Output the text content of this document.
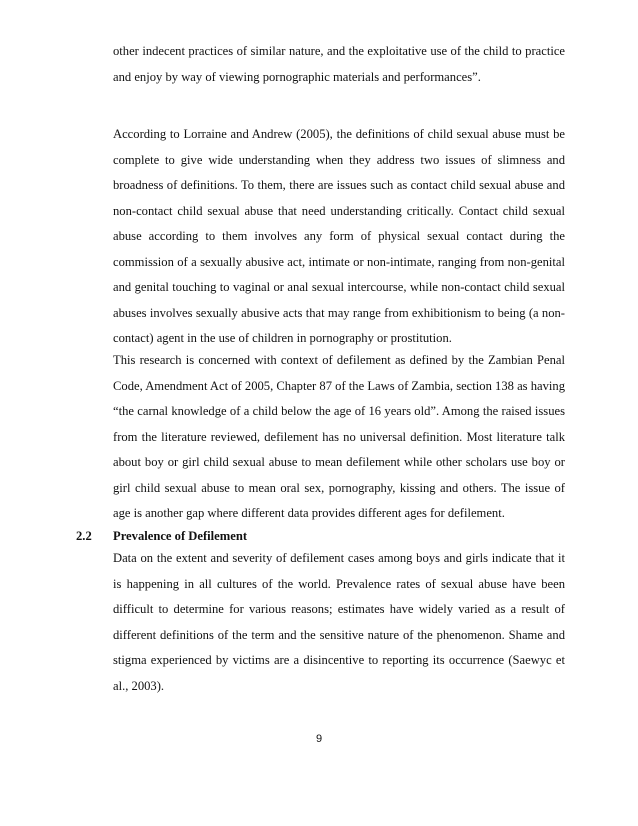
other indecent practices of similar nature, and the exploitative use of the child to practice and enjoy by way of viewing pornographic materials and performances”.

According to Lorraine and Andrew (2005), the definitions of child sexual abuse must be complete to give wide understanding when they address two issues of slimness and broadness of definitions. To them, there are issues such as contact child sexual abuse and non-contact child sexual abuse that need understanding critically. Contact child sexual abuse according to them involves any form of physical sexual contact during the commission of a sexually abusive act, intimate or non-intimate, ranging from non-genital and genital touching to vaginal or anal sexual intercourse, while non-contact child sexual abuses involves sexually abusive acts that may range from exhibitionism to being (a non-contact) agent in the use of children in pornography or prostitution.

This research is concerned with context of defilement as defined by the Zambian Penal Code, Amendment Act of 2005, Chapter 87 of the Laws of Zambia, section 138 as having “the carnal knowledge of a child below the age of 16 years old”. Among the raised issues from the literature reviewed, defilement has no universal definition. Most literature talk about boy or girl child sexual abuse to mean defilement while other scholars use boy or girl child sexual abuse to mean oral sex, pornography, kissing and others. The issue of age is another gap where different data provides different ages for defilement.

2.2 Prevalence of Defilement

Data on the extent and severity of defilement cases among boys and girls indicate that it is happening in all cultures of the world. Prevalence rates of sexual abuse have been difficult to determine for various reasons; estimates have widely varied as a result of different definitions of the term and the sensitive nature of the phenomenon. Shame and stigma experienced by victims are a disincentive to reporting its occurrence (Saewyc et al., 2003).

9
